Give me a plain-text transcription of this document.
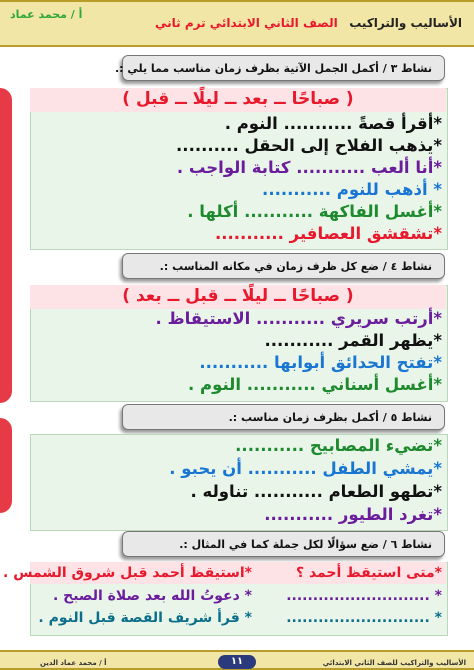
الأساليب والتراكيب
الصف الثاني الابتدائي ترم ثاني
أ / محمد عماد
نشاط ٣ / أكمل الجمل الآتية بظرف زمان مناسب مما يلي :.
( صباحًا ــ بعد ــ ليلًا ــ قبل )
*أقرأ قصةً ........... النوم .
*يذهب الفلاح إلى الحقل ..........
*أنا ألعب ........... كتابة الواجب .
* أذهب للنوم ...........
*أغسل الفاكهة ........... أكلها .
*تشقشق العصافير ...........
نشاط ٤ / ضع كل ظرف زمان في مكانه المناسب :.
( صباحًا ــ ليلًا ــ قبل ــ بعد )
*أرتب سريري ........... الاستيقاظ .
*يظهر القمر ...........
*تفتح الحدائق أبوابها ...........
*أغسل أسناني ........... النوم .
نشاط ٥ / أكمل بظرف زمان مناسب :.
*تضيء المصابيح ...........
*يمشي الطفل ........... أن يحبو .
*تطهو الطعام ........... تناوله .
*تغرد الطيور ...........
نشاط ٦ / ضع سؤالًا لكل جملة كما في المثال :.
*متى استيقظ أحمد ؟
*استيقظ أحمد قبل شروق الشمس .
* ...........................
* دعوتُ الله بعد صلاة الصبح .
* ...........................
* قرأ شريف القصة قبل النوم .
الأساليب والتراكيب للصف الثاني الابتدائي
١١
أ / محمد عماد الدين
